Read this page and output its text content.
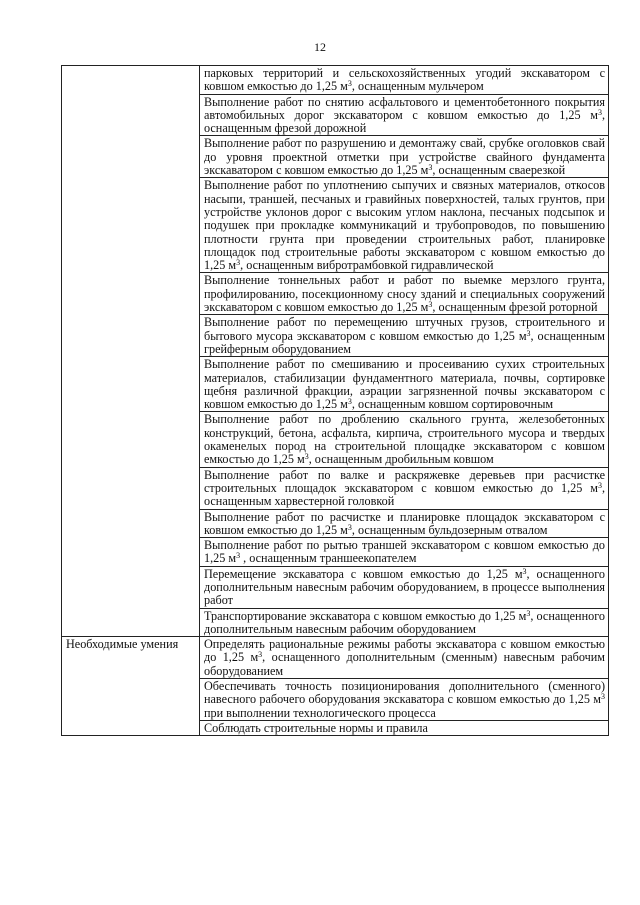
12
	парковых территорий и сельскохозяйственных угодий экскаватором с ковшом емкостью до 1,25 $м^3$, оснащенным мульчером
	Выполнение работ по снятию асфальтового и цементобетонного покрытия автомобильных дорог экскаватором с ковшом емкостью до 1,25 $м^3$, оснащенным фрезой дорожной
	Выполнение работ по разрушению и демонтажу свай, срубке оголовков свай до уровня проектной отметки при устройстве свайного фундамента экскаватором с ковшом емкостью до 1,25 $м^3$, оснащенным сваерезкой
	Выполнение работ по уплотнению сыпучих и связных материалов, откосов насыпи, траншей, песчаных и гравийных поверхностей, талых грунтов, при устройстве уклонов дорог с высоким углом наклона, песчаных подсыпок и подушек при прокладке коммуникаций и трубопроводов, по повышению плотности грунта при проведении строительных работ, планировке площадок под строительные работы экскаватором с ковшом емкостью до 1,25 $м^3$, оснащенным вибротрамбовкой гидравлической
	Выполнение тоннельных работ и работ по выемке мерзлого грунта, профилированию, посекционному сносу зданий и специальных сооружений экскаватором с ковшом емкостью до 1,25 $м^3$, оснащенным фрезой роторной
	Выполнение работ по перемещению штучных грузов, строительного и бытового мусора экскаватором с ковшом емкостью до 1,25 $м^3$, оснащенным грейферным оборудованием
	Выполнение работ по смешиванию и просеиванию сухих строительных материалов, стабилизации фундаментного материала, почвы, сортировке щебня различной фракции, аэрации загрязненной почвы экскаватором с ковшом емкостью до 1,25 $м^3$, оснащенным ковшом сортировочным
	Выполнение работ по дроблению скального грунта, железобетонных конструкций, бетона, асфальта, кирпича, строительного мусора и твердых окаменелых пород на строительной площадке экскаватором с ковшом емкостью до 1,25 $м^3$, оснащенным дробильным ковшом
	Выполнение работ по валке и раскряжевке деревьев при расчистке строительных площадок экскаватором с ковшом емкостью до 1,25 $м^3$, оснащенным харвестерной головкой
	Выполнение работ по расчистке и планировке площадок экскаватором с ковшом емкостью до 1,25 $м^3$, оснащенным бульдозерным отвалом
	Выполнение работ по рытью траншей экскаватором с ковшом емкостью до 1,25 $м^3$ , оснащенным траншеекопателем
	Перемещение экскаватора с ковшом емкостью до 1,25 $м^3$, оснащенного дополнительным навесным рабочим оборудованием, в процессе выполнения работ
	Транспортирование экскаватора с ковшом емкостью до 1,25 $м^3$, оснащенного дополнительным навесным рабочим оборудованием
Необходимые умения	Определять рациональные режимы работы экскаватора с ковшом емкостью до 1,25 $м^3$, оснащенного дополнительным (сменным) навесным рабочим оборудованием
	Обеспечивать точность позиционирования дополнительного (сменного) навесного рабочего оборудования экскаватора с ковшом емкостью до 1,25 $м^3$ при выполнении технологического процесса
	Соблюдать строительные нормы и правила
